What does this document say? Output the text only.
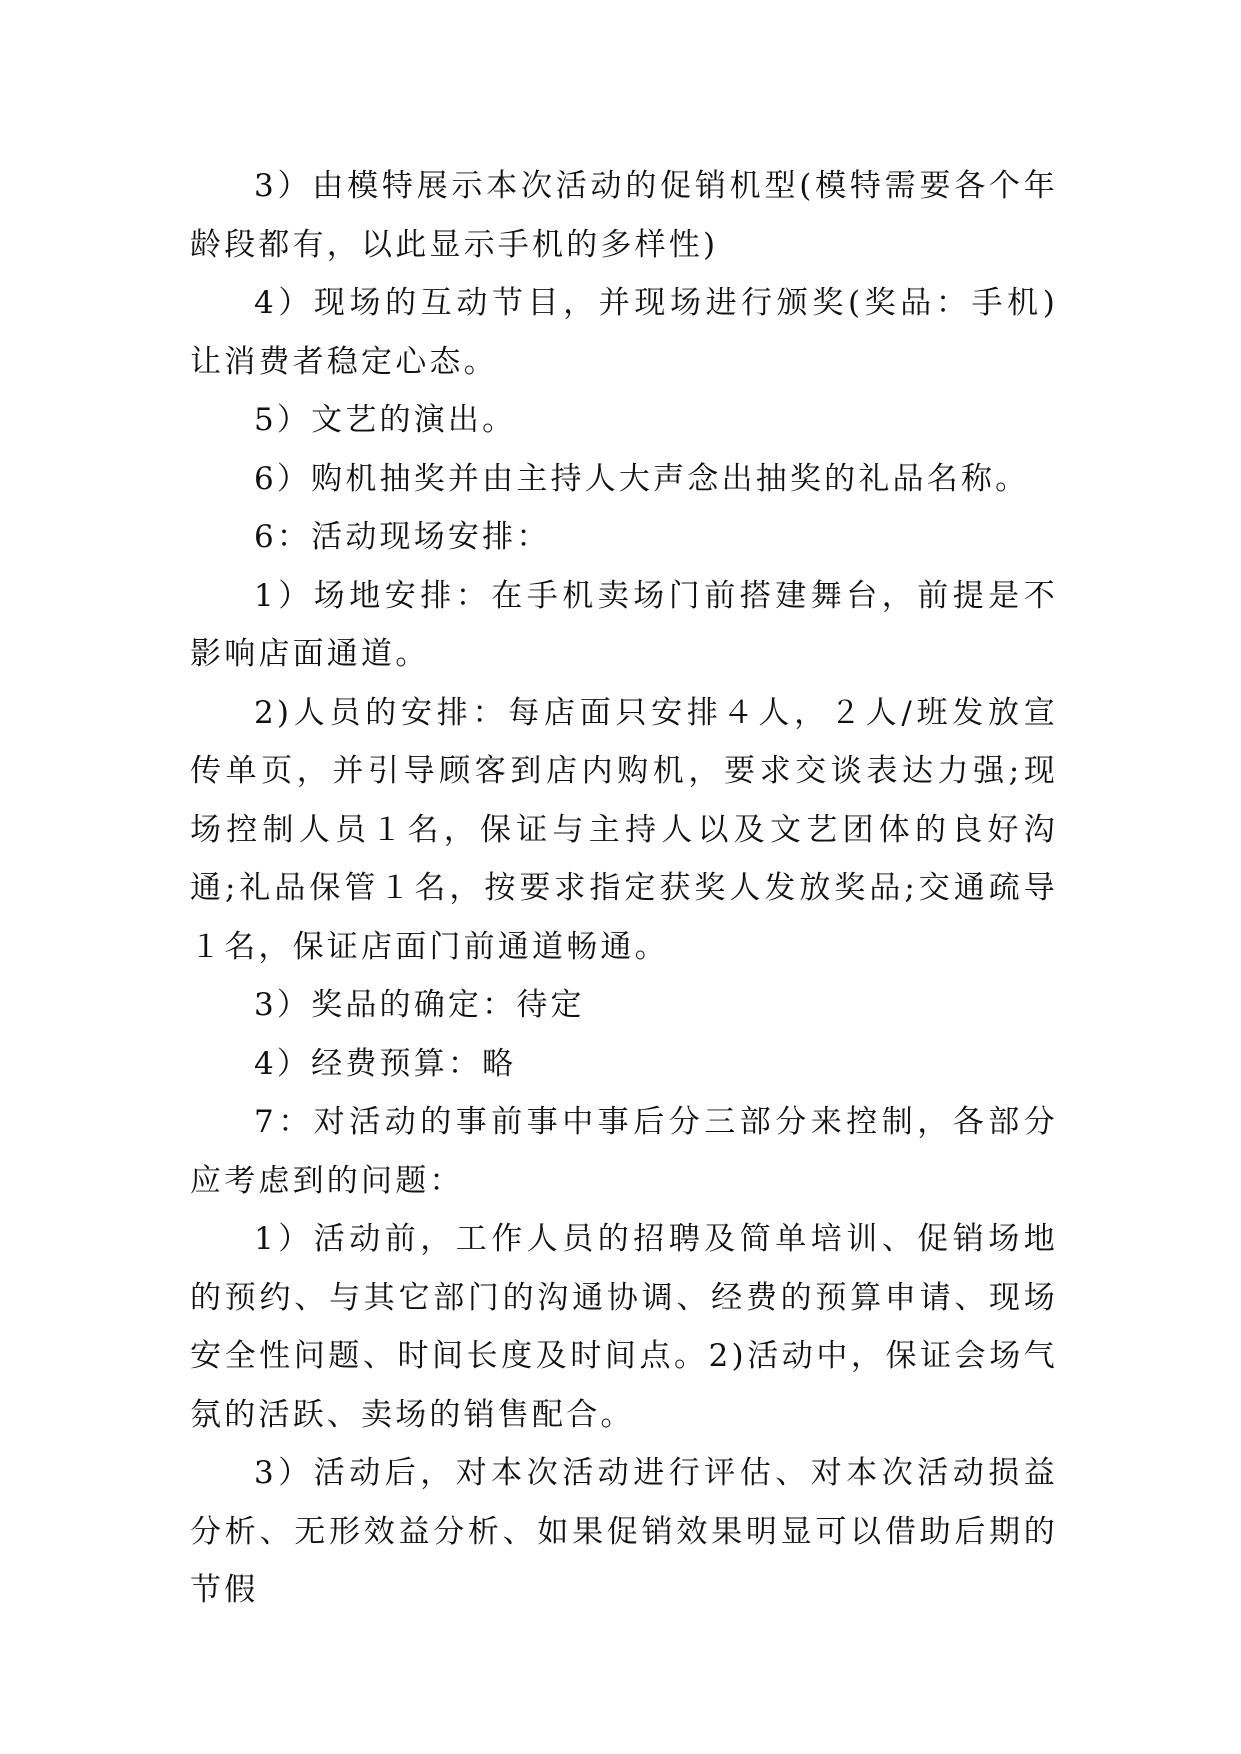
3）由模特展示本次活动的促销机型(模特需要各个年龄段都有，以此显示手机的多样性)

4）现场的互动节目，并现场进行颁奖(奖品：手机)让消费者稳定心态。

5）文艺的演出。

6）购机抽奖并由主持人大声念出抽奖的礼品名称。

6：活动现场安排：

1）场地安排：在手机卖场门前搭建舞台，前提是不影响店面通道。

2)人员的安排：每店面只安排４人，２人/班发放宣传单页，并引导顾客到店内购机，要求交谈表达力强;现场控制人员１名，保证与主持人以及文艺团体的良好沟通;礼品保管１名，按要求指定获奖人发放奖品;交通疏导１名，保证店面门前通道畅通。

3）奖品的确定：待定

4）经费预算：略

7：对活动的事前事中事后分三部分来控制，各部分应考虑到的问题：

1）活动前，工作人员的招聘及简单培训、促销场地的预约、与其它部门的沟通协调、经费的预算申请、现场安全性问题、时间长度及时间点。2)活动中，保证会场气氛的活跃、卖场的销售配合。

3）活动后，对本次活动进行评估、对本次活动损益分析、无形效益分析、如果促销效果明显可以借助后期的节假
